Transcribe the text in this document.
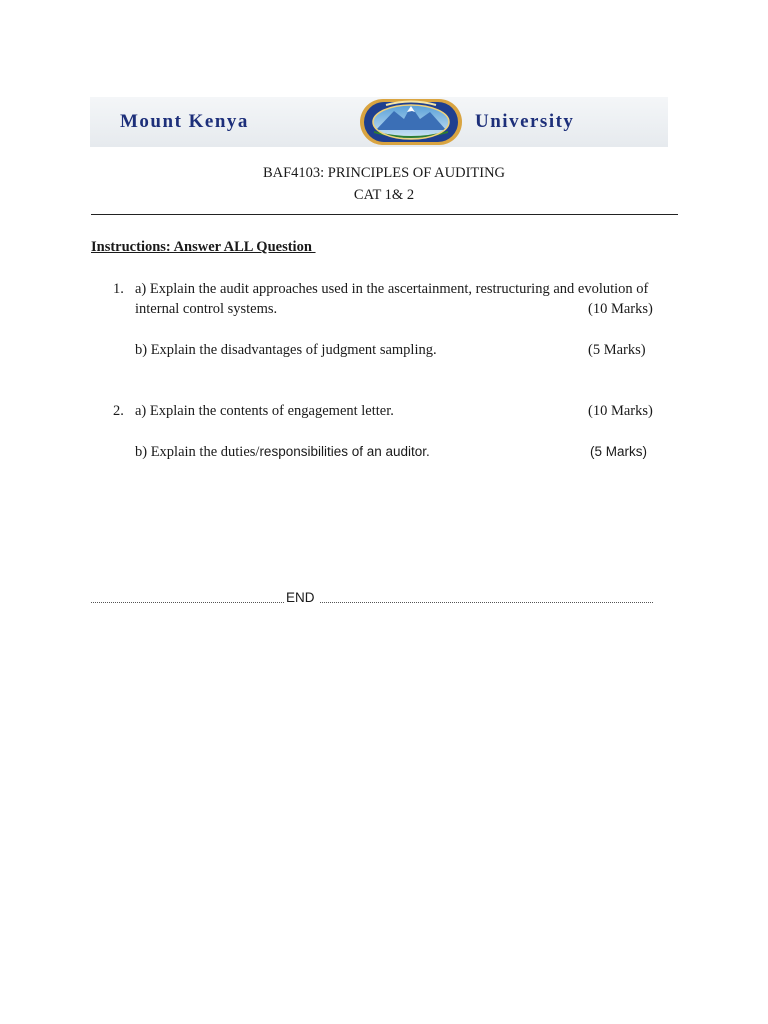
Mount Kenya	University
BAF4103: PRINCIPLES OF AUDITING
CAT 1& 2
Instructions: Answer ALL Question
1. a) Explain the audit approaches used in the ascertainment, restructuring and evolution of
internal control systems.	(10 Marks)
b) Explain the disadvantages of judgment sampling.	(5 Marks)
2. a) Explain the contents of engagement letter.	(10 Marks)
b) Explain the duties/responsibilities of an auditor.	(5 Marks)
END
